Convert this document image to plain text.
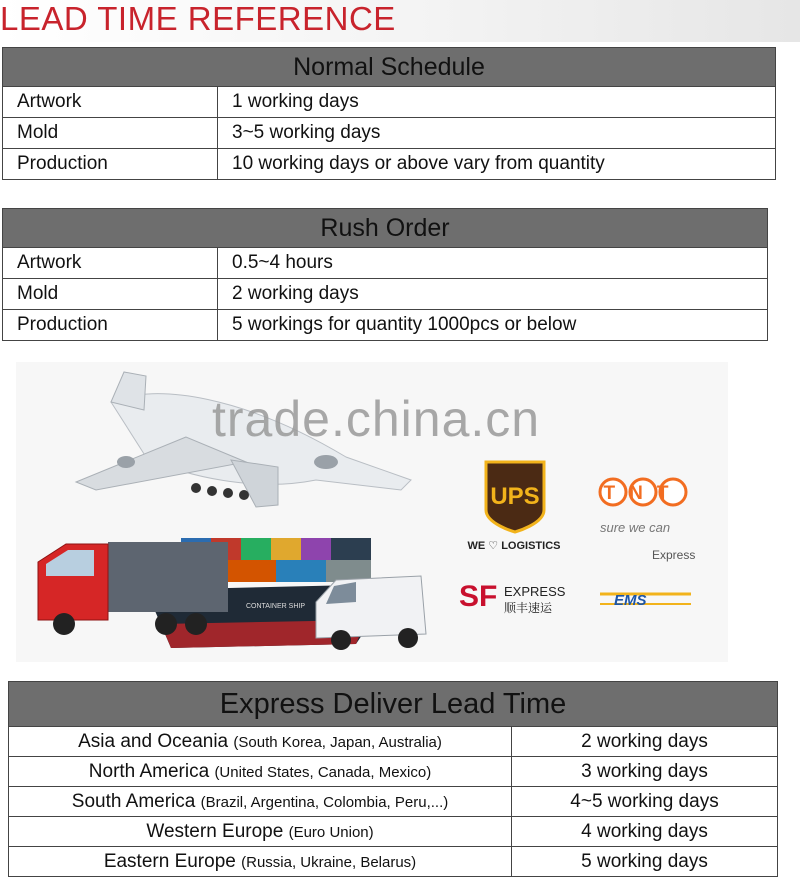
LEAD TIME REFERENCE
Normal Schedule	
Artwork	1 working days
Mold	3~5 working days
Production	10 working days or above vary from quantity
Rush Order	
Artwork	0.5~4 hours
Mold	2 working days
Production	5 workings for quantity 1000pcs or below
CONTAINER SHIP
UPS
WE ♡ LOGISTICS
TNT
sure we can
Express
SF EXPRESS
顺丰速运	EMS
trade.china.cn
Express Deliver Lead Time	
Asia and Oceania (South Korea, Japan, Australia)	2 working days
North America (United States, Canada, Mexico)	3 working days
South America (Brazil, Argentina, Colombia, Peru,...)	4~5 working days
Western Europe (Euro Union)	4 working days
Eastern Europe (Russia, Ukraine, Belarus)	5 working days
